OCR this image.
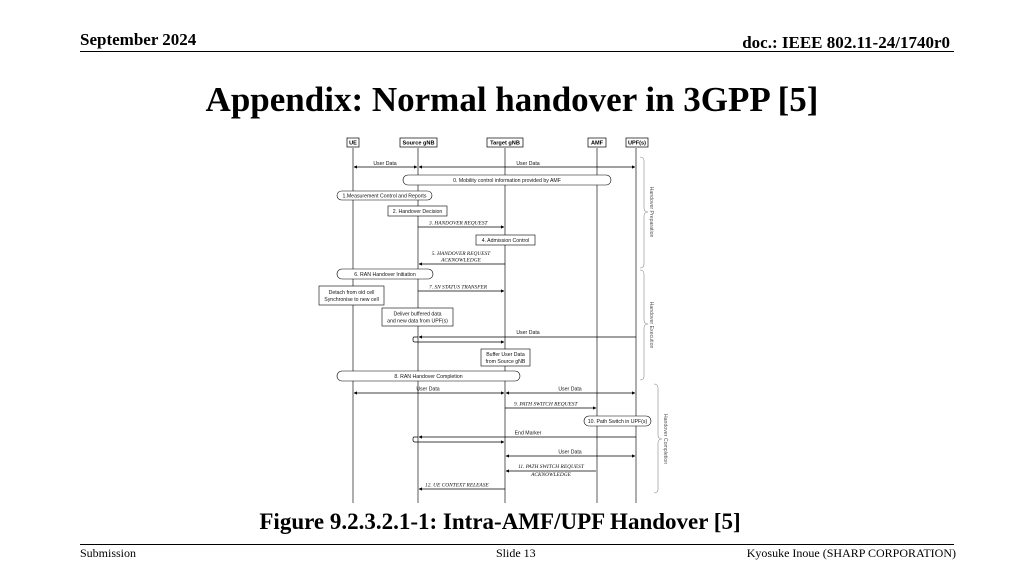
September 2024	doc.: IEEE 802.11-24/1740r0
Appendix: Normal handover in 3GPP [5]
UE	Source gNB	Target gNB	AMF	UPF(s)
Handover Preparation
Handover Execution
Handover Completion
User Data	User Data
0. Mobility control information provided by AMF
1.Measurement Control and Reports
2. Handover Decision
3. HANDOVER REQUEST
4. Admission Control
5. HANDOVER REQUEST
ACKNOWLEDGE
6. RAN Handover Initiation
7. SN STATUS TRANSFER
Detach from old cell
Synchronise to new cell
Deliver buffered data
and new data from UPF(s)
User Data
Buffer User Data
from Source gNB
8. RAN Handover Completion
User Data	User Data
9. PATH SWITCH REQUEST
10. Path Switch in UPF(s)
End Marker
User Data
11. PATH SWITCH REQUEST
ACKNOWLEDGE
12. UE CONTEXT RELEASE
Figure 9.2.3.2.1-1: Intra-AMF/UPF Handover [5]
Submission	Slide 13	Kyosuke Inoue (SHARP CORPORATION)
